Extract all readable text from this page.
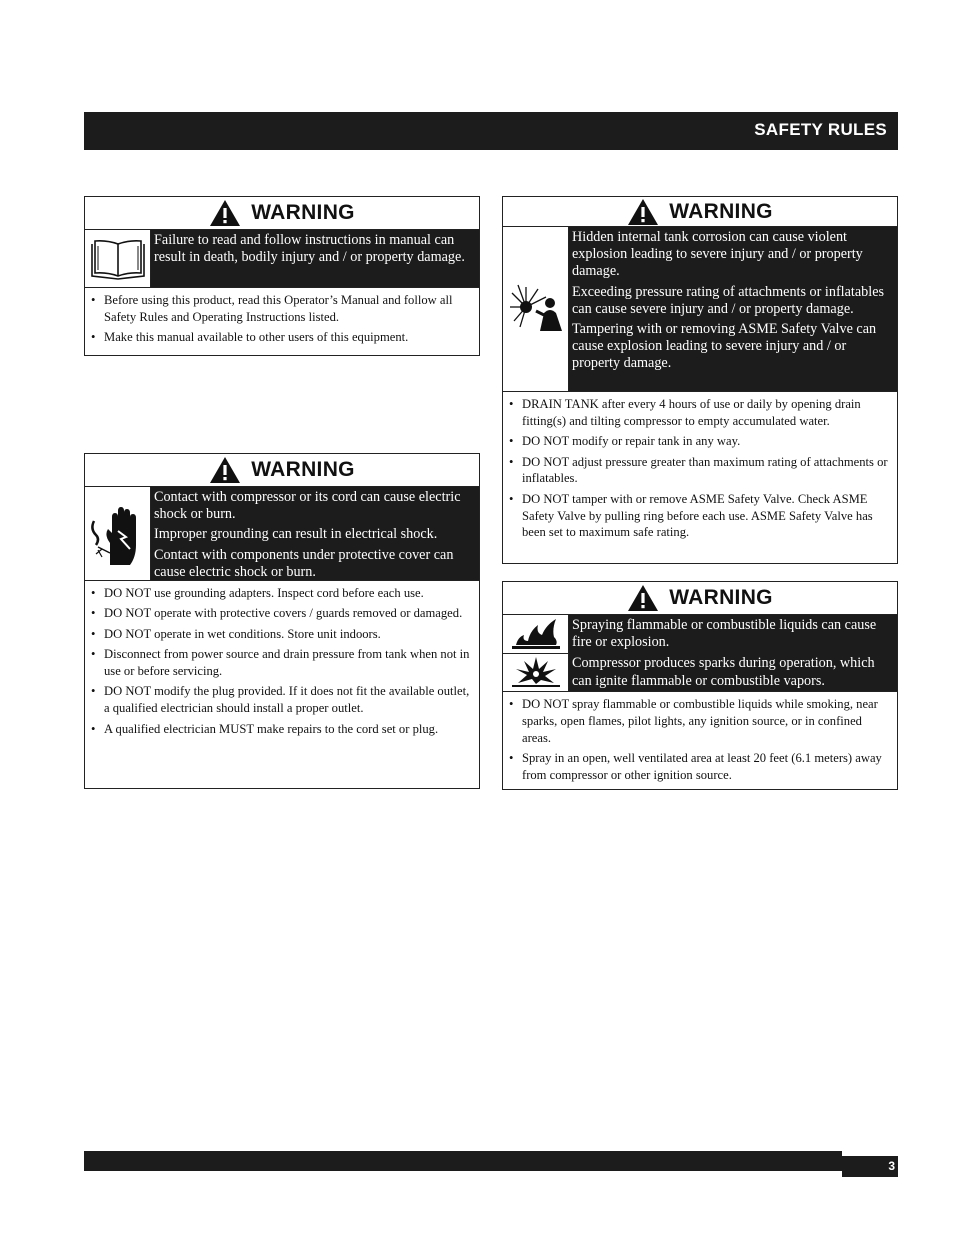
SAFETY RULES
WARNING

Failure to read and follow instructions in manual can result in death, bodily injury and / or property damage.

• Before using this product, read this Operator’s Manual and follow all Safety Rules and Operating Instructions listed.
• Make this manual available to other users of this equipment.
WARNING

Contact with compressor or its cord can cause electric shock or burn.

Improper grounding can result in electrical shock.

Contact with components under protective cover can cause electric shock or burn.

• DO NOT use grounding adapters. Inspect cord before each use.
• DO NOT operate with protective covers / guards removed or damaged.
• DO NOT operate in wet conditions. Store unit indoors.
• Disconnect from power source and drain pressure from tank when not in use or before servicing.
• DO NOT modify the plug provided. If it does not fit the available outlet, a qualified electrician should install a proper outlet.
• A qualified electrician MUST make repairs to the cord set or plug.
WARNING

Hidden internal tank corrosion can cause violent explosion leading to severe injury and / or property damage.

Exceeding pressure rating of attachments or inflatables can cause severe injury and / or property damage.

Tampering with or removing ASME Safety Valve can cause explosion leading to severe injury and / or property damage.

• DRAIN TANK after every 4 hours of use or daily by opening drain fitting(s) and tilting compressor to empty accumulated water.
• DO NOT modify or repair tank in any way.
• DO NOT adjust pressure greater than maximum rating of attachments or inflatables.
• DO NOT tamper with or remove ASME Safety Valve. Check ASME Safety Valve by pulling ring before each use. ASME Safety Valve has been set to maximum safe rating.
WARNING

Spraying flammable or combustible liquids can cause fire or explosion.

Compressor produces sparks during operation, which can ignite flammable or combustible vapors.

• DO NOT spray flammable or combustible liquids while smoking, near sparks, open flames, pilot lights, any ignition source, or in confined areas.
• Spray in an open, well ventilated area at least 20 feet (6.1 meters) away from compressor or other ignition source.
3
